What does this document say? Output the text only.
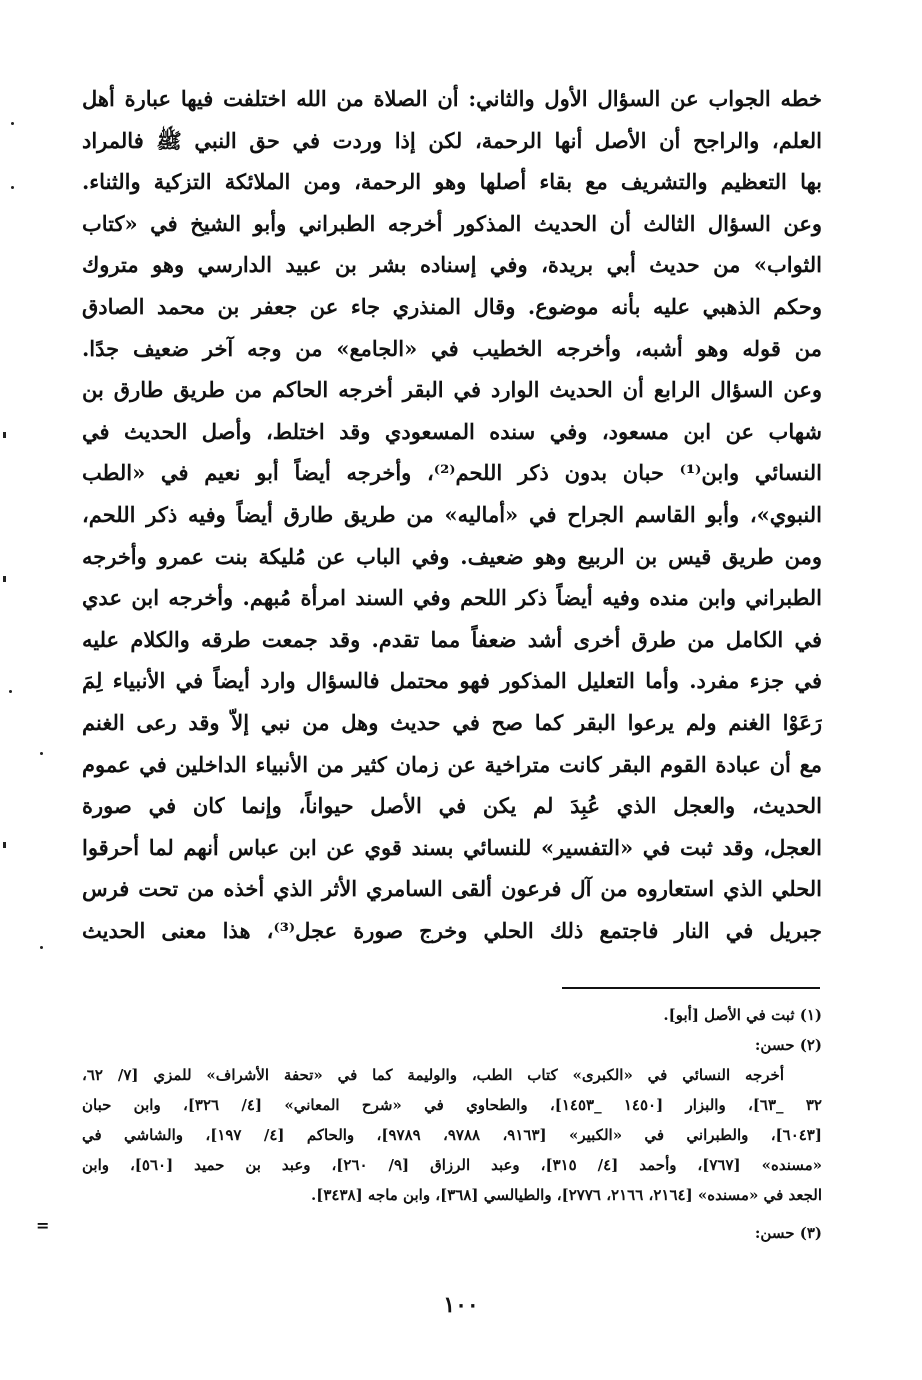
خطه الجواب عن السؤال الأول والثاني: أن الصلاة من الله اختلفت فيها عبارة أهل
العلم، والراجح أن الأصل أنها الرحمة، لكن إذا وردت في حق النبي ﷺ فالمراد
بها التعظيم والتشريف مع بقاء أصلها وهو الرحمة، ومن الملائكة التزكية والثناء.
وعن السؤال الثالث أن الحديث المذكور أخرجه الطبراني وأبو الشيخ في «كتاب
الثواب» من حديث أبي بريدة، وفي إسناده بشر بن عبيد الدارسي وهو متروك
وحكم الذهبي عليه بأنه موضوع. وقال المنذري جاء عن جعفر بن محمد الصادق
من قوله وهو أشبه، وأخرجه الخطيب في «الجامع» من وجه آخر ضعيف جدًا.
وعن السؤال الرابع أن الحديث الوارد في البقر أخرجه الحاكم من طريق طارق بن
شهاب عن ابن مسعود، وفي سنده المسعودي وقد اختلط، وأصل الحديث في
النسائي وابن⁽¹⁾ حبان بدون ذكر اللحم⁽²⁾، وأخرجه أيضاً أبو نعيم في «الطب
النبوي»، وأبو القاسم الجراح في «أماليه» من طريق طارق أيضاً وفيه ذكر اللحم،
ومن طريق قيس بن الربيع وهو ضعيف. وفي الباب عن مُليكة بنت عمرو وأخرجه
الطبراني وابن منده وفيه أيضاً ذكر اللحم وفي السند امرأة مُبهم. وأخرجه ابن عدي
في الكامل من طرق أخرى أشد ضعفاً مما تقدم. وقد جمعت طرقه والكلام عليه
في جزء مفرد. وأما التعليل المذكور فهو محتمل فالسؤال وارد أيضاً في الأنبياء لِمَ
رَعَوْا الغنم ولم يرعوا البقر كما صح في حديث وهل من نبي إلاّ وقد رعى الغنم
مع أن عبادة القوم البقر كانت متراخية عن زمان كثير من الأنبياء الداخلين في عموم
الحديث، والعجل الذي عُبِدَ لم يكن في الأصل حيواناً، وإنما كان في صورة
العجل، وقد ثبت في «التفسير» للنسائي بسند قوي عن ابن عباس أنهم لما أحرقوا
الحلي الذي استعاروه من آل فرعون ألقى السامري الأثر الذي أخذه من تحت فرس
جبريل في النار فاجتمع ذلك الحلي وخرج صورة عجل⁽³⁾، هذا معنى الحديث
(١) ثبت في الأصل [أبو].
(٢) حسن:
أخرجه النسائي في «الكبرى» كتاب الطب، والوليمة كما في «تحفة الأشراف» للمزي [٧/ ٦٢،
٣٢ _٦٣]، والبزار [١٤٥٠ _١٤٥٣]، والطحاوي في «شرح المعاني» [٤/ ٣٢٦]، وابن حبان
[٦٠٤٣]، والطبراني في «الكبير» [٩١٦٣، ٩٧٨٨، ٩٧٨٩]، والحاكم [٤/ ١٩٧]، والشاشي في
«مسنده» [٧٦٧]، وأحمد [٤/ ٣١٥]، وعبد الرزاق [٩/ ٢٦٠]، وعبد بن حميد [٥٦٠]، وابن
الجعد في «مسنده» [٢١٦٤، ٢١٦٦، ٢٧٧٦]، والطيالسي [٣٦٨]، وابن ماجه [٣٤٣٨].
(٣) حسن:
١٠٠
=
